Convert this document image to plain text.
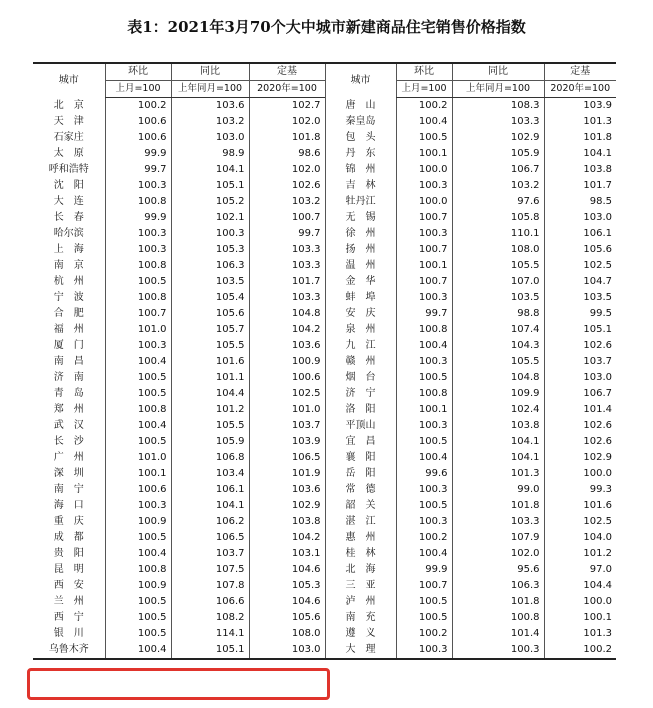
表1：2021年3月70个大中城市新建商品住宅销售价格指数
城市	环比	同比	定基	城市	环比	同比	定基
	上月=100	上年同月=100	2020年=100		上月=100	上年同月=100	2020年=100
北　京	100.2	103.6	102.7	唐　山	100.2	108.3	103.9
天　津	100.6	103.2	102.0	秦皇岛	100.4	103.3	101.3
石家庄	100.6	103.0	101.8	包　头	100.5	102.9	101.8
太　原	99.9	98.9	98.6	丹　东	100.1	105.9	104.1
呼和浩特	99.7	104.1	102.0	锦　州	100.0	106.7	103.8
沈　阳	100.3	105.1	102.6	吉　林	100.3	103.2	101.7
大　连	100.8	105.2	103.2	牡丹江	100.0	97.6	98.5
长　春	99.9	102.1	100.7	无　锡	100.7	105.8	103.0
哈尔滨	100.3	100.3	99.7	徐　州	100.3	110.1	106.1
上　海	100.3	105.3	103.3	扬　州	100.7	108.0	105.6
南　京	100.8	106.3	103.3	温　州	100.1	105.5	102.5
杭　州	100.5	103.5	101.7	金　华	100.7	107.0	104.7
宁　波	100.8	105.4	103.3	蚌　埠	100.3	103.5	103.5
合　肥	100.7	105.6	104.8	安　庆	99.7	98.8	99.5
福　州	101.0	105.7	104.2	泉　州	100.8	107.4	105.1
厦　门	100.3	105.5	103.6	九　江	100.4	104.3	102.6
南　昌	100.4	101.6	100.9	赣　州	100.3	105.5	103.7
济　南	100.5	101.1	100.6	烟　台	100.5	104.8	103.0
青　岛	100.5	104.4	102.5	济　宁	100.8	109.9	106.7
郑　州	100.8	101.2	101.0	洛　阳	100.1	102.4	101.4
武　汉	100.4	105.5	103.7	平顶山	100.3	103.8	102.6
长　沙	100.5	105.9	103.9	宜　昌	100.5	104.1	102.6
广　州	101.0	106.8	106.5	襄　阳	100.4	104.1	102.9
深　圳	100.1	103.4	101.9	岳　阳	99.6	101.3	100.0
南　宁	100.6	106.1	103.6	常　德	100.3	99.0	99.3
海　口	100.3	104.1	102.9	韶　关	100.5	101.8	101.6
重　庆	100.9	106.2	103.8	湛　江	100.3	103.3	102.5
成　都	100.5	106.5	104.2	惠　州	100.2	107.9	104.0
贵　阳	100.4	103.7	103.1	桂　林	100.4	102.0	101.2
昆　明	100.8	107.5	104.6	北　海	99.9	95.6	97.0
西　安	100.9	107.8	105.3	三　亚	100.7	106.3	104.4
兰　州	100.5	106.6	104.6	泸　州	100.5	101.8	100.0
西　宁	100.5	108.2	105.6	南　充	100.5	100.8	100.1
银　川	100.5	114.1	108.0	遵　义	100.2	101.4	101.3
乌鲁木齐	100.4	105.1	103.0	大　理	100.3	100.3	100.2
